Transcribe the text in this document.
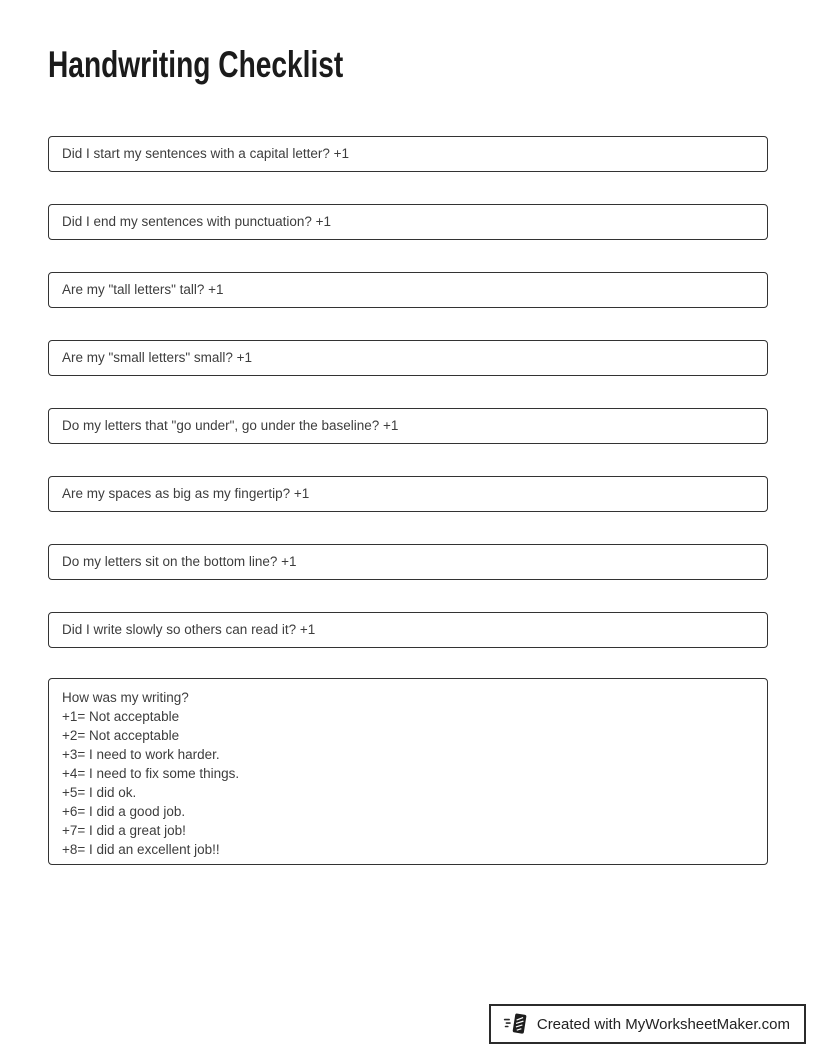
Handwriting Checklist
Did I start my sentences with a capital letter? +1
Did I end my sentences with punctuation? +1
Are my "tall letters" tall? +1
Are my "small letters" small? +1
Do my letters that "go under", go under the baseline? +1
Are my spaces as big as my fingertip? +1
Do my letters sit on the bottom line? +1
Did I write slowly so others can read it? +1
How was my writing?
+1= Not acceptable
+2= Not acceptable
+3= I need to work harder.
+4= I need to fix some things.
+5= I did ok.
+6= I did a good job.
+7= I did a great job!
+8= I did an excellent job!!
Created with MyWorksheetMaker.com
